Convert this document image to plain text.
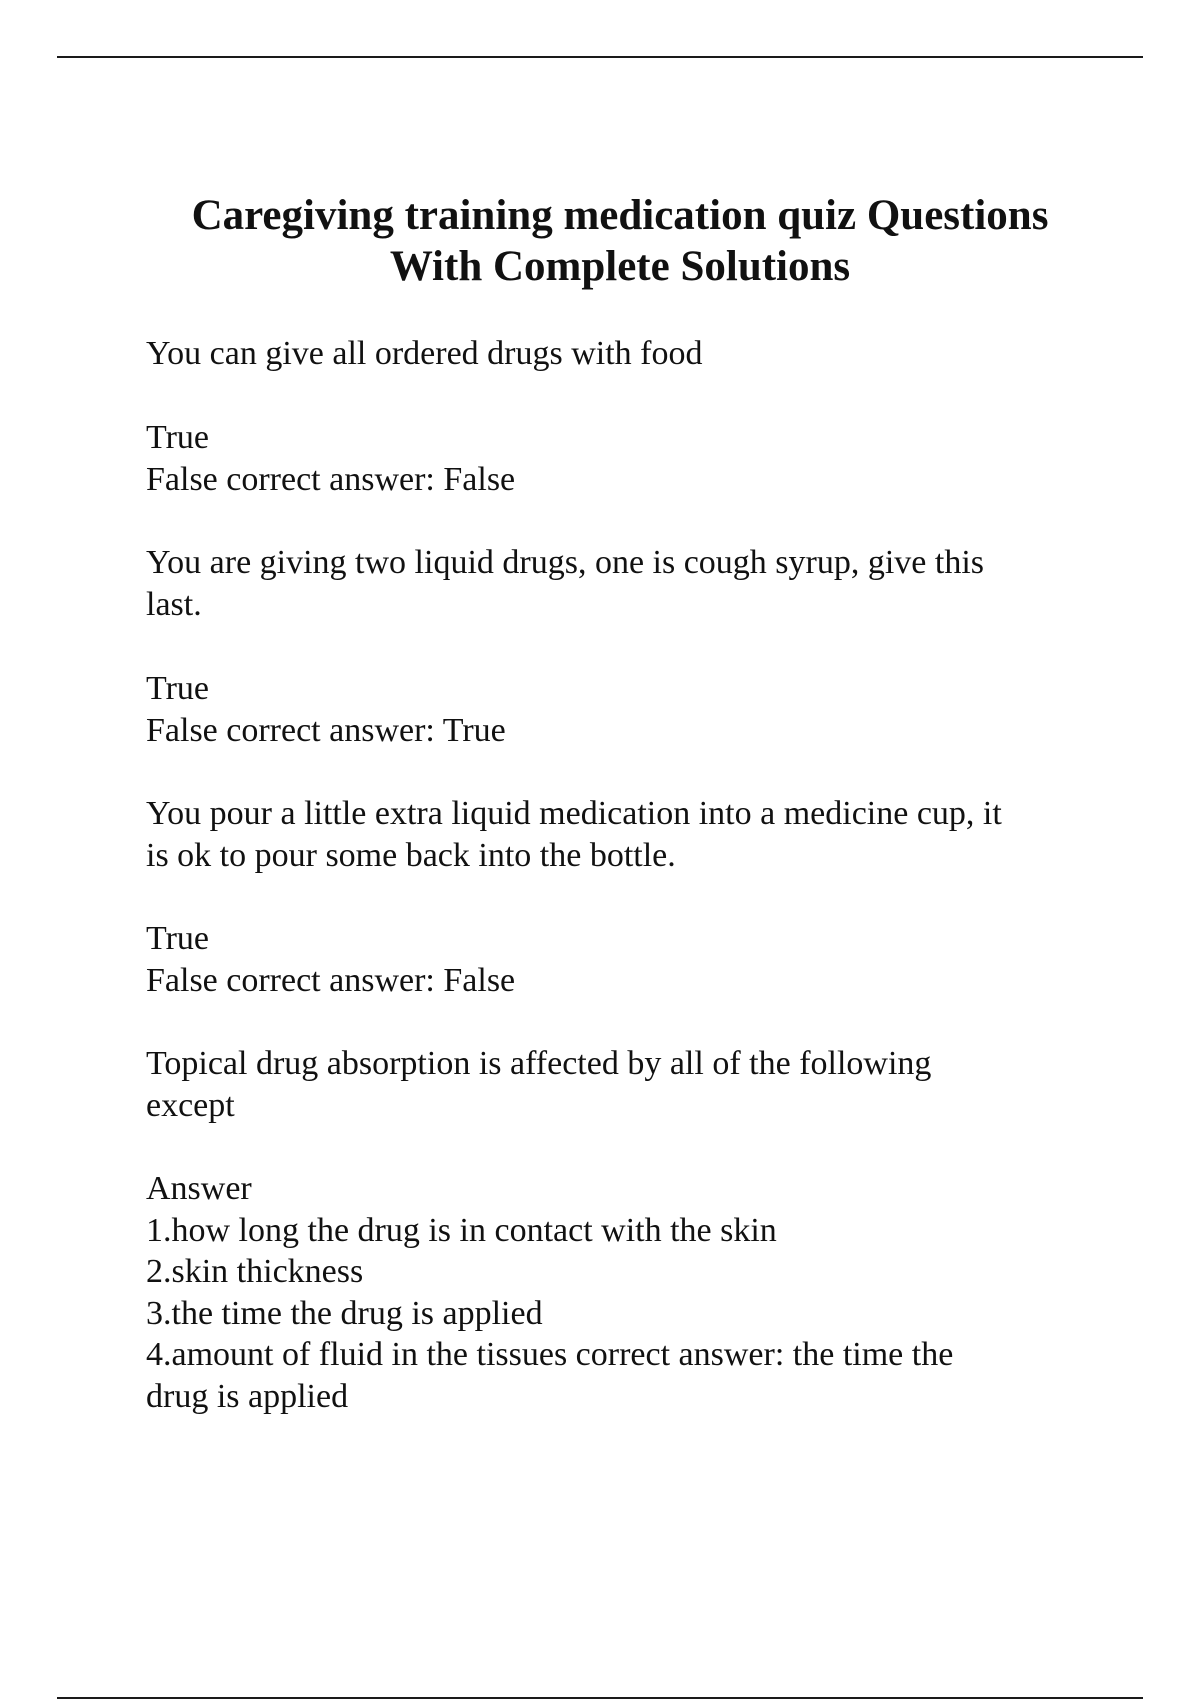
Caregiving training medication quiz Questions
With Complete Solutions

You can give all ordered drugs with food

True
False correct answer: False

You are giving two liquid drugs, one is cough syrup, give this
last.

True
False correct answer: True

You pour a little extra liquid medication into a medicine cup, it
is ok to pour some back into the bottle.

True
False correct answer: False

Topical drug absorption is affected by all of the following
except

Answer
1.how long the drug is in contact with the skin
2.skin thickness
3.the time the drug is applied
4.amount of fluid in the tissues correct answer: the time the
drug is applied
